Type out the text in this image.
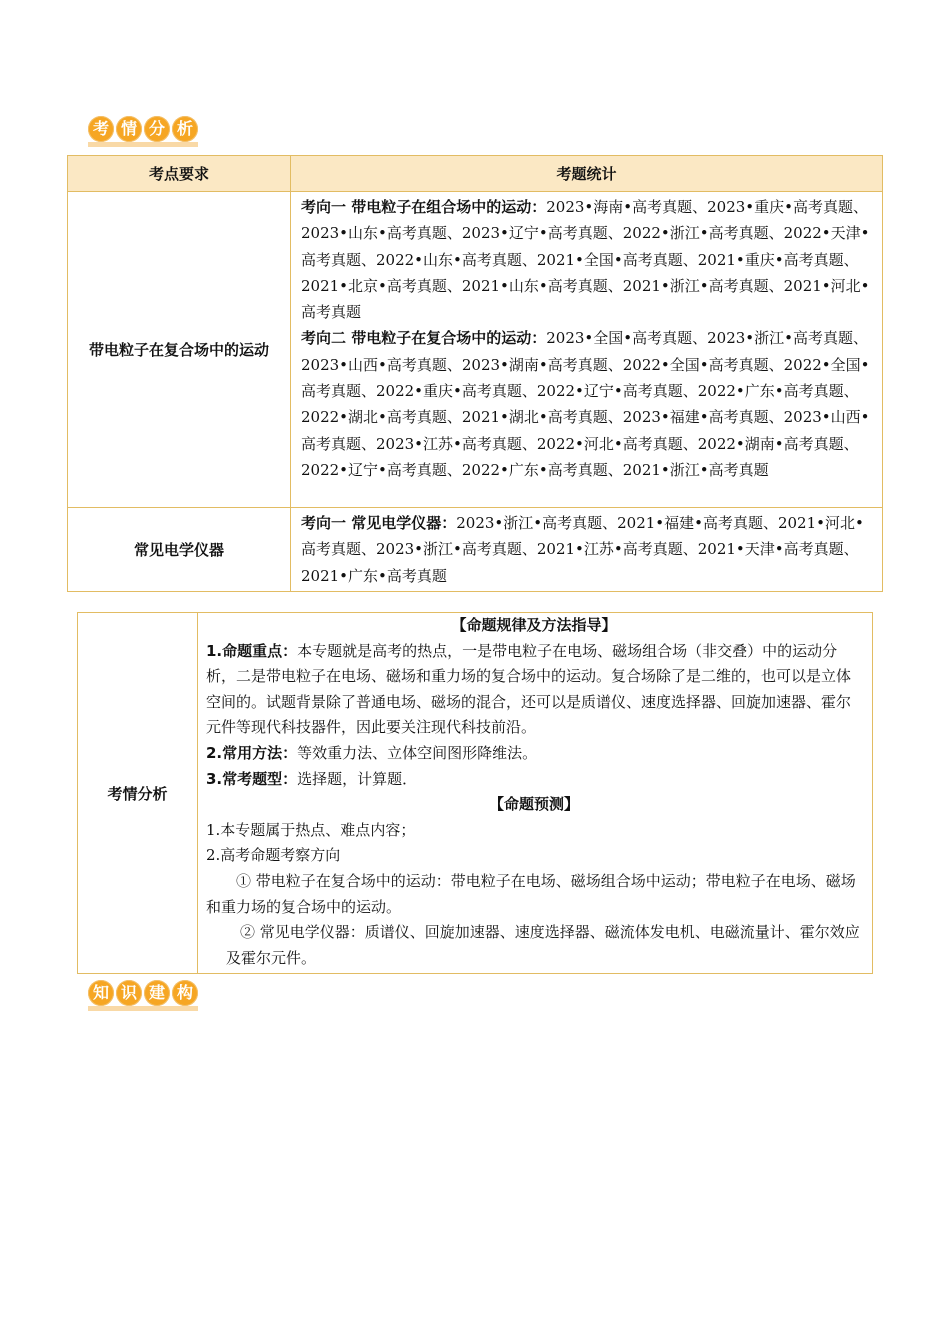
考 情 分 析
考点要求	考题统计
带电粒子在复合场中的运动	考向一 带电粒子在组合场中的运动：2023•海南•高考真题、2023•重庆•高考真题、2023•山东•高考真题、2023•辽宁•高考真题、2022•浙江•高考真题、2022•天津•高考真题、2022•山东•高考真题、2021•全国•高考真题、2021•重庆•高考真题、2021•北京•高考真题、2021•山东•高考真题、2021•浙江•高考真题、2021•河北•高考真题
考向二 带电粒子在复合场中的运动：2023•全国•高考真题、2023•浙江•高考真题、2023•山西•高考真题、2023•湖南•高考真题、2022•全国•高考真题、2022•全国•高考真题、2022•重庆•高考真题、2022•辽宁•高考真题、2022•广东•高考真题、2022•湖北•高考真题、2021•湖北•高考真题、2023•福建•高考真题、2023•山西•高考真题、2023•江苏•高考真题、2022•河北•高考真题、2022•湖南•高考真题、2022•辽宁•高考真题、2022•广东•高考真题、2021•浙江•高考真题

常见电学仪器	考向一 常见电学仪器：2023•浙江•高考真题、2021•福建•高考真题、2021•河北•高考真题、2023•浙江•高考真题、2021•江苏•高考真题、2021•天津•高考真题、2021•广东•高考真题
考情分析	
【命题规律及方法指导】
1.命题重点：本专题就是高考的热点，一是带电粒子在电场、磁场组合场（非交叠）中的运动分析，二是带电粒子在电场、磁场和重力场的复合场中的运动。复合场除了是二维的，也可以是立体空间的。试题背景除了普通电场、磁场的混合，还可以是质谱仪、速度选择器、回旋加速器、霍尔元件等现代科技器件，因此要关注现代科技前沿。
2.常用方法：等效重力法、立体空间图形降维法。
3.常考题型：选择题，计算题．
【命题预测】
1.本专题属于热点、难点内容；
2.高考命题考察方向
① 带电粒子在复合场中的运动：带电粒子在电场、磁场组合场中运动；带电粒子在电场、磁场和重力场的复合场中的运动。
② 常见电学仪器：质谱仪、回旋加速器、速度选择器、磁流体发电机、电磁流量计、霍尔效应及霍尔元件。
知 识 建 构
